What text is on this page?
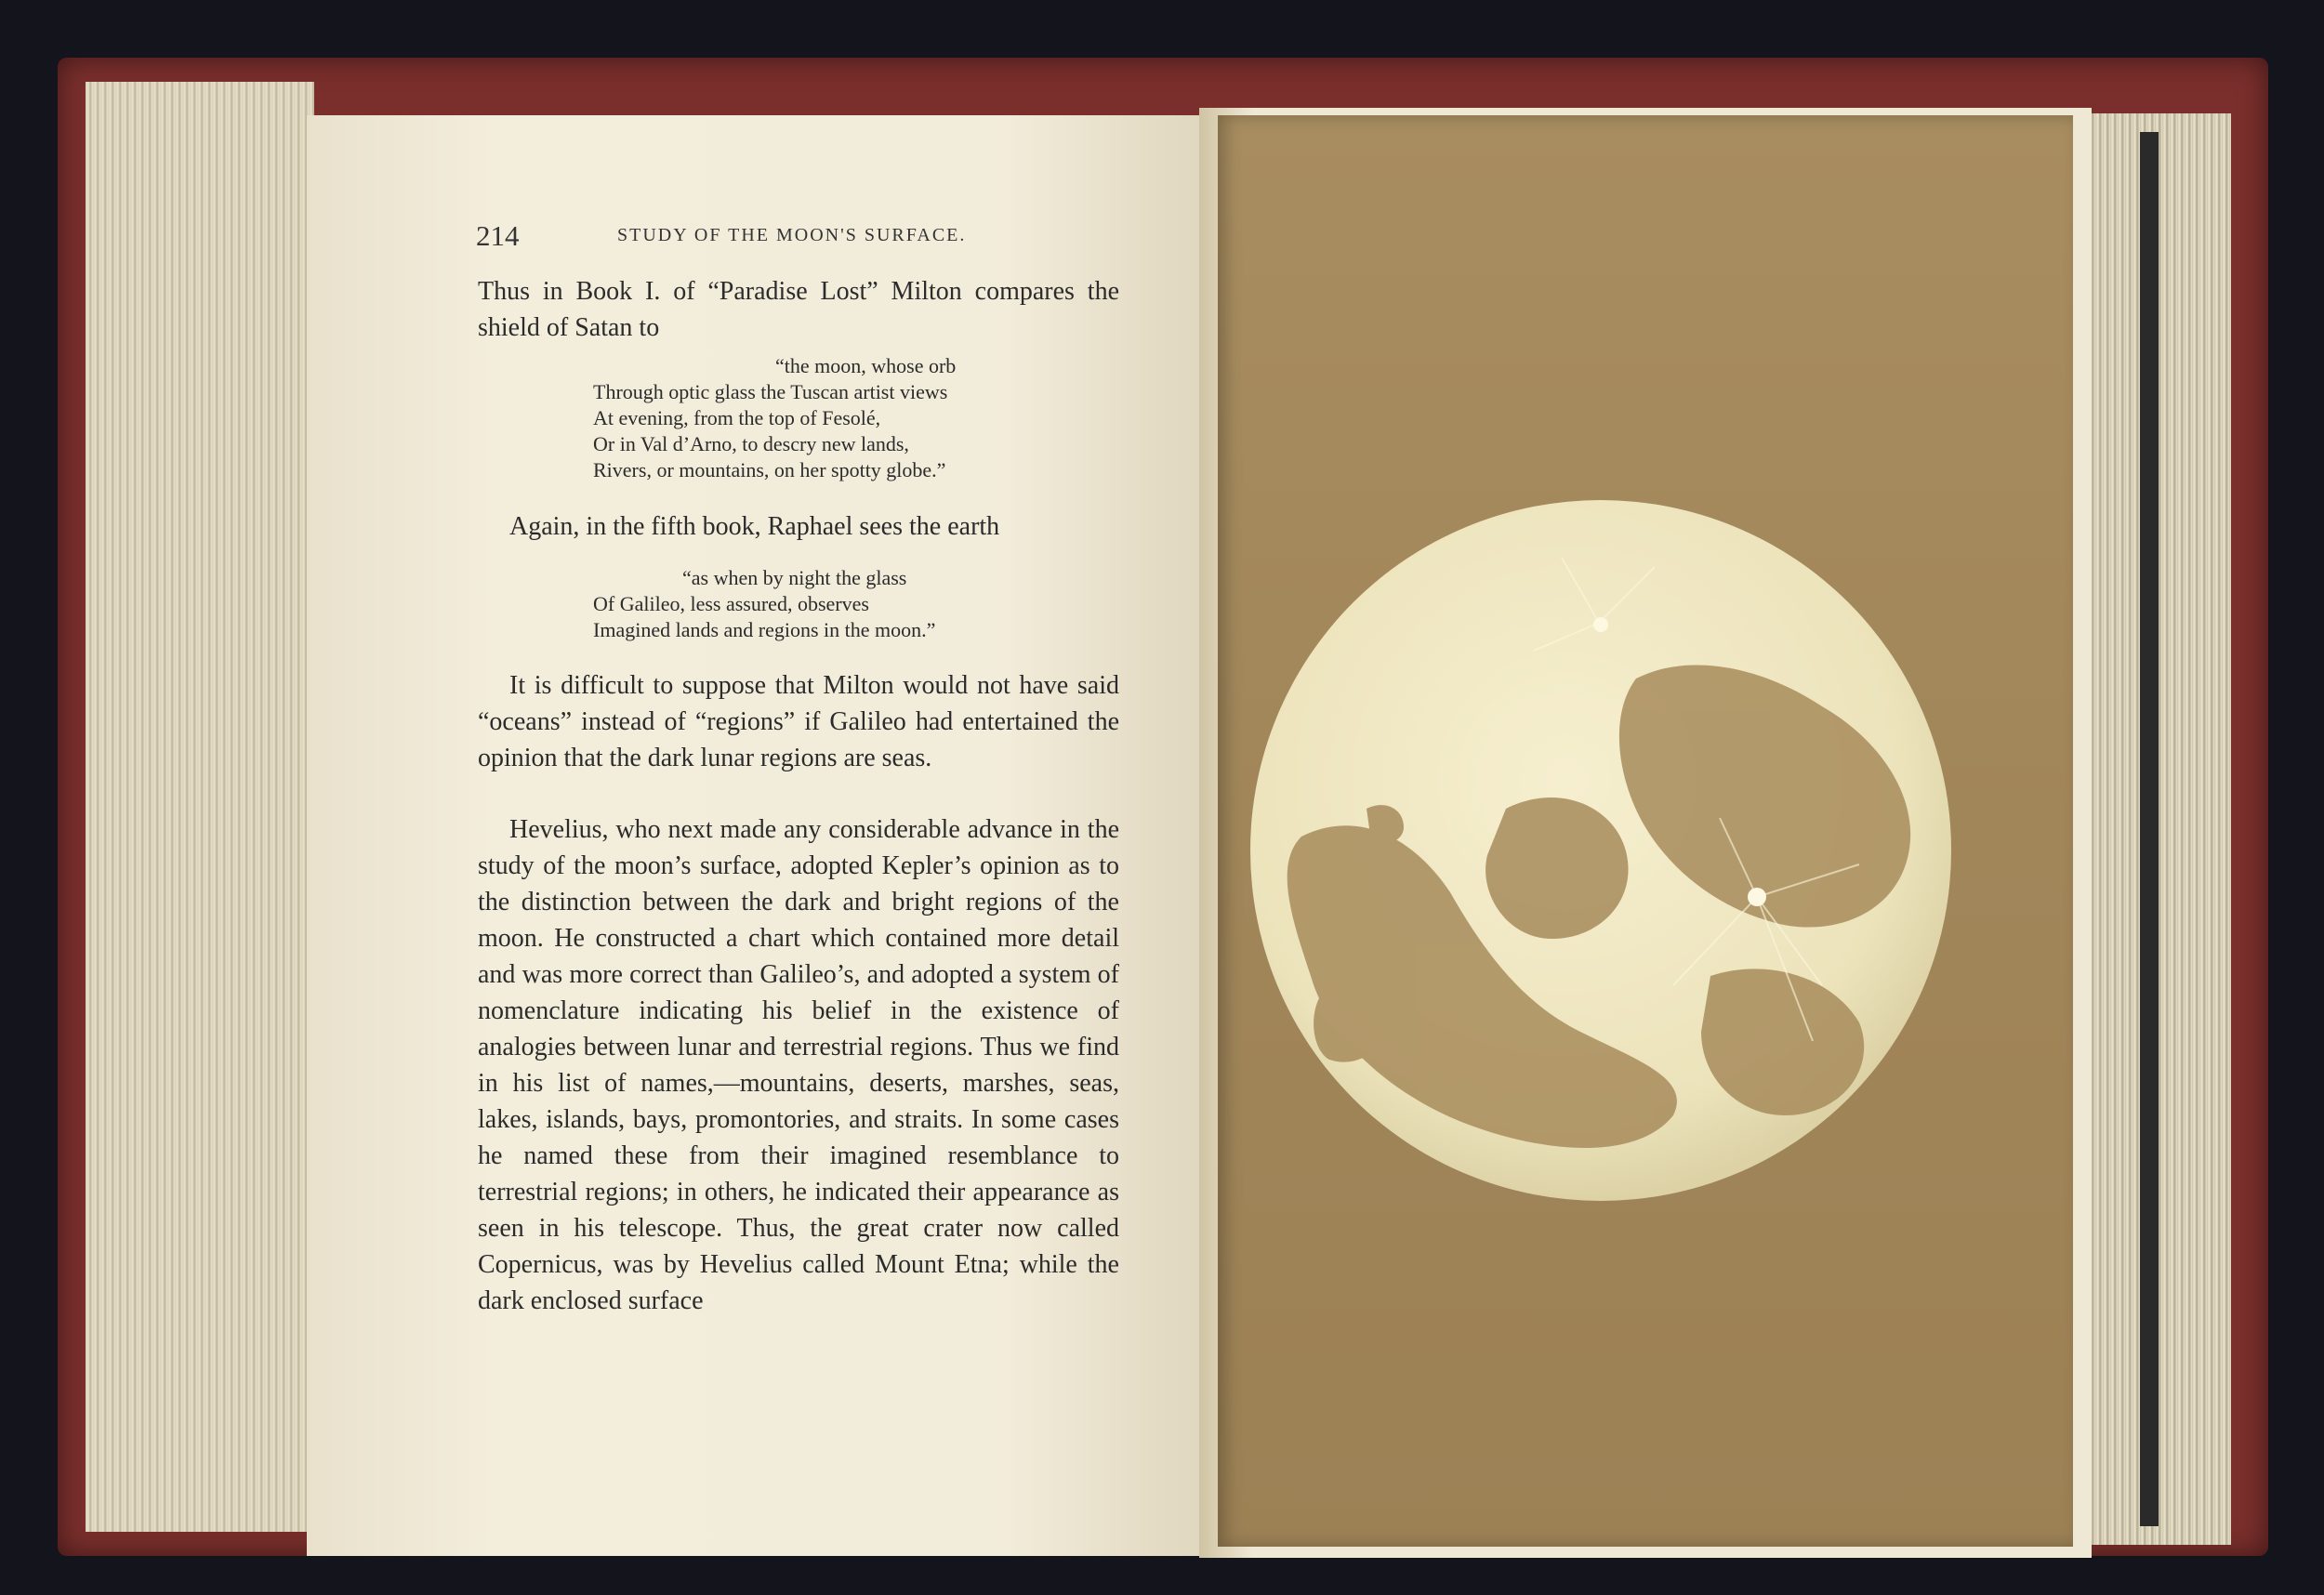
214	STUDY OF THE MOON'S SURFACE.

Thus in Book I. of “Paradise Lost” Milton compares the shield of Satan to

“the moon, whose orb
Through optic glass the Tuscan artist views
At evening, from the top of Fesolé,
Or in Val d’Arno, to descry new lands,
Rivers, or mountains, on her spotty globe.”

Again, in the fifth book, Raphael sees the earth

“as when by night the glass
Of Galileo, less assured, observes
Imagined lands and regions in the moon.”

It is difficult to suppose that Milton would not have said “oceans” instead of “regions” if Galileo had entertained the opinion that the dark lunar regions are seas.

Hevelius, who next made any considerable advance in the study of the moon’s surface, adopted Kepler’s opinion as to the distinction between the dark and bright regions of the moon. He constructed a chart which contained more detail and was more correct than Galileo’s, and adopted a system of nomenclature indicating his belief in the existence of analogies between lunar and terrestrial regions. Thus we find in his list of names,—mountains, deserts, marshes, seas, lakes, islands, bays, promontories, and straits. In some cases he named these from their imagined resemblance to terrestrial regions; in others, he indicated their appearance as seen in his telescope. Thus, the great crater now called Copernicus, was by Hevelius called Mount Etna; while the dark enclosed surface
